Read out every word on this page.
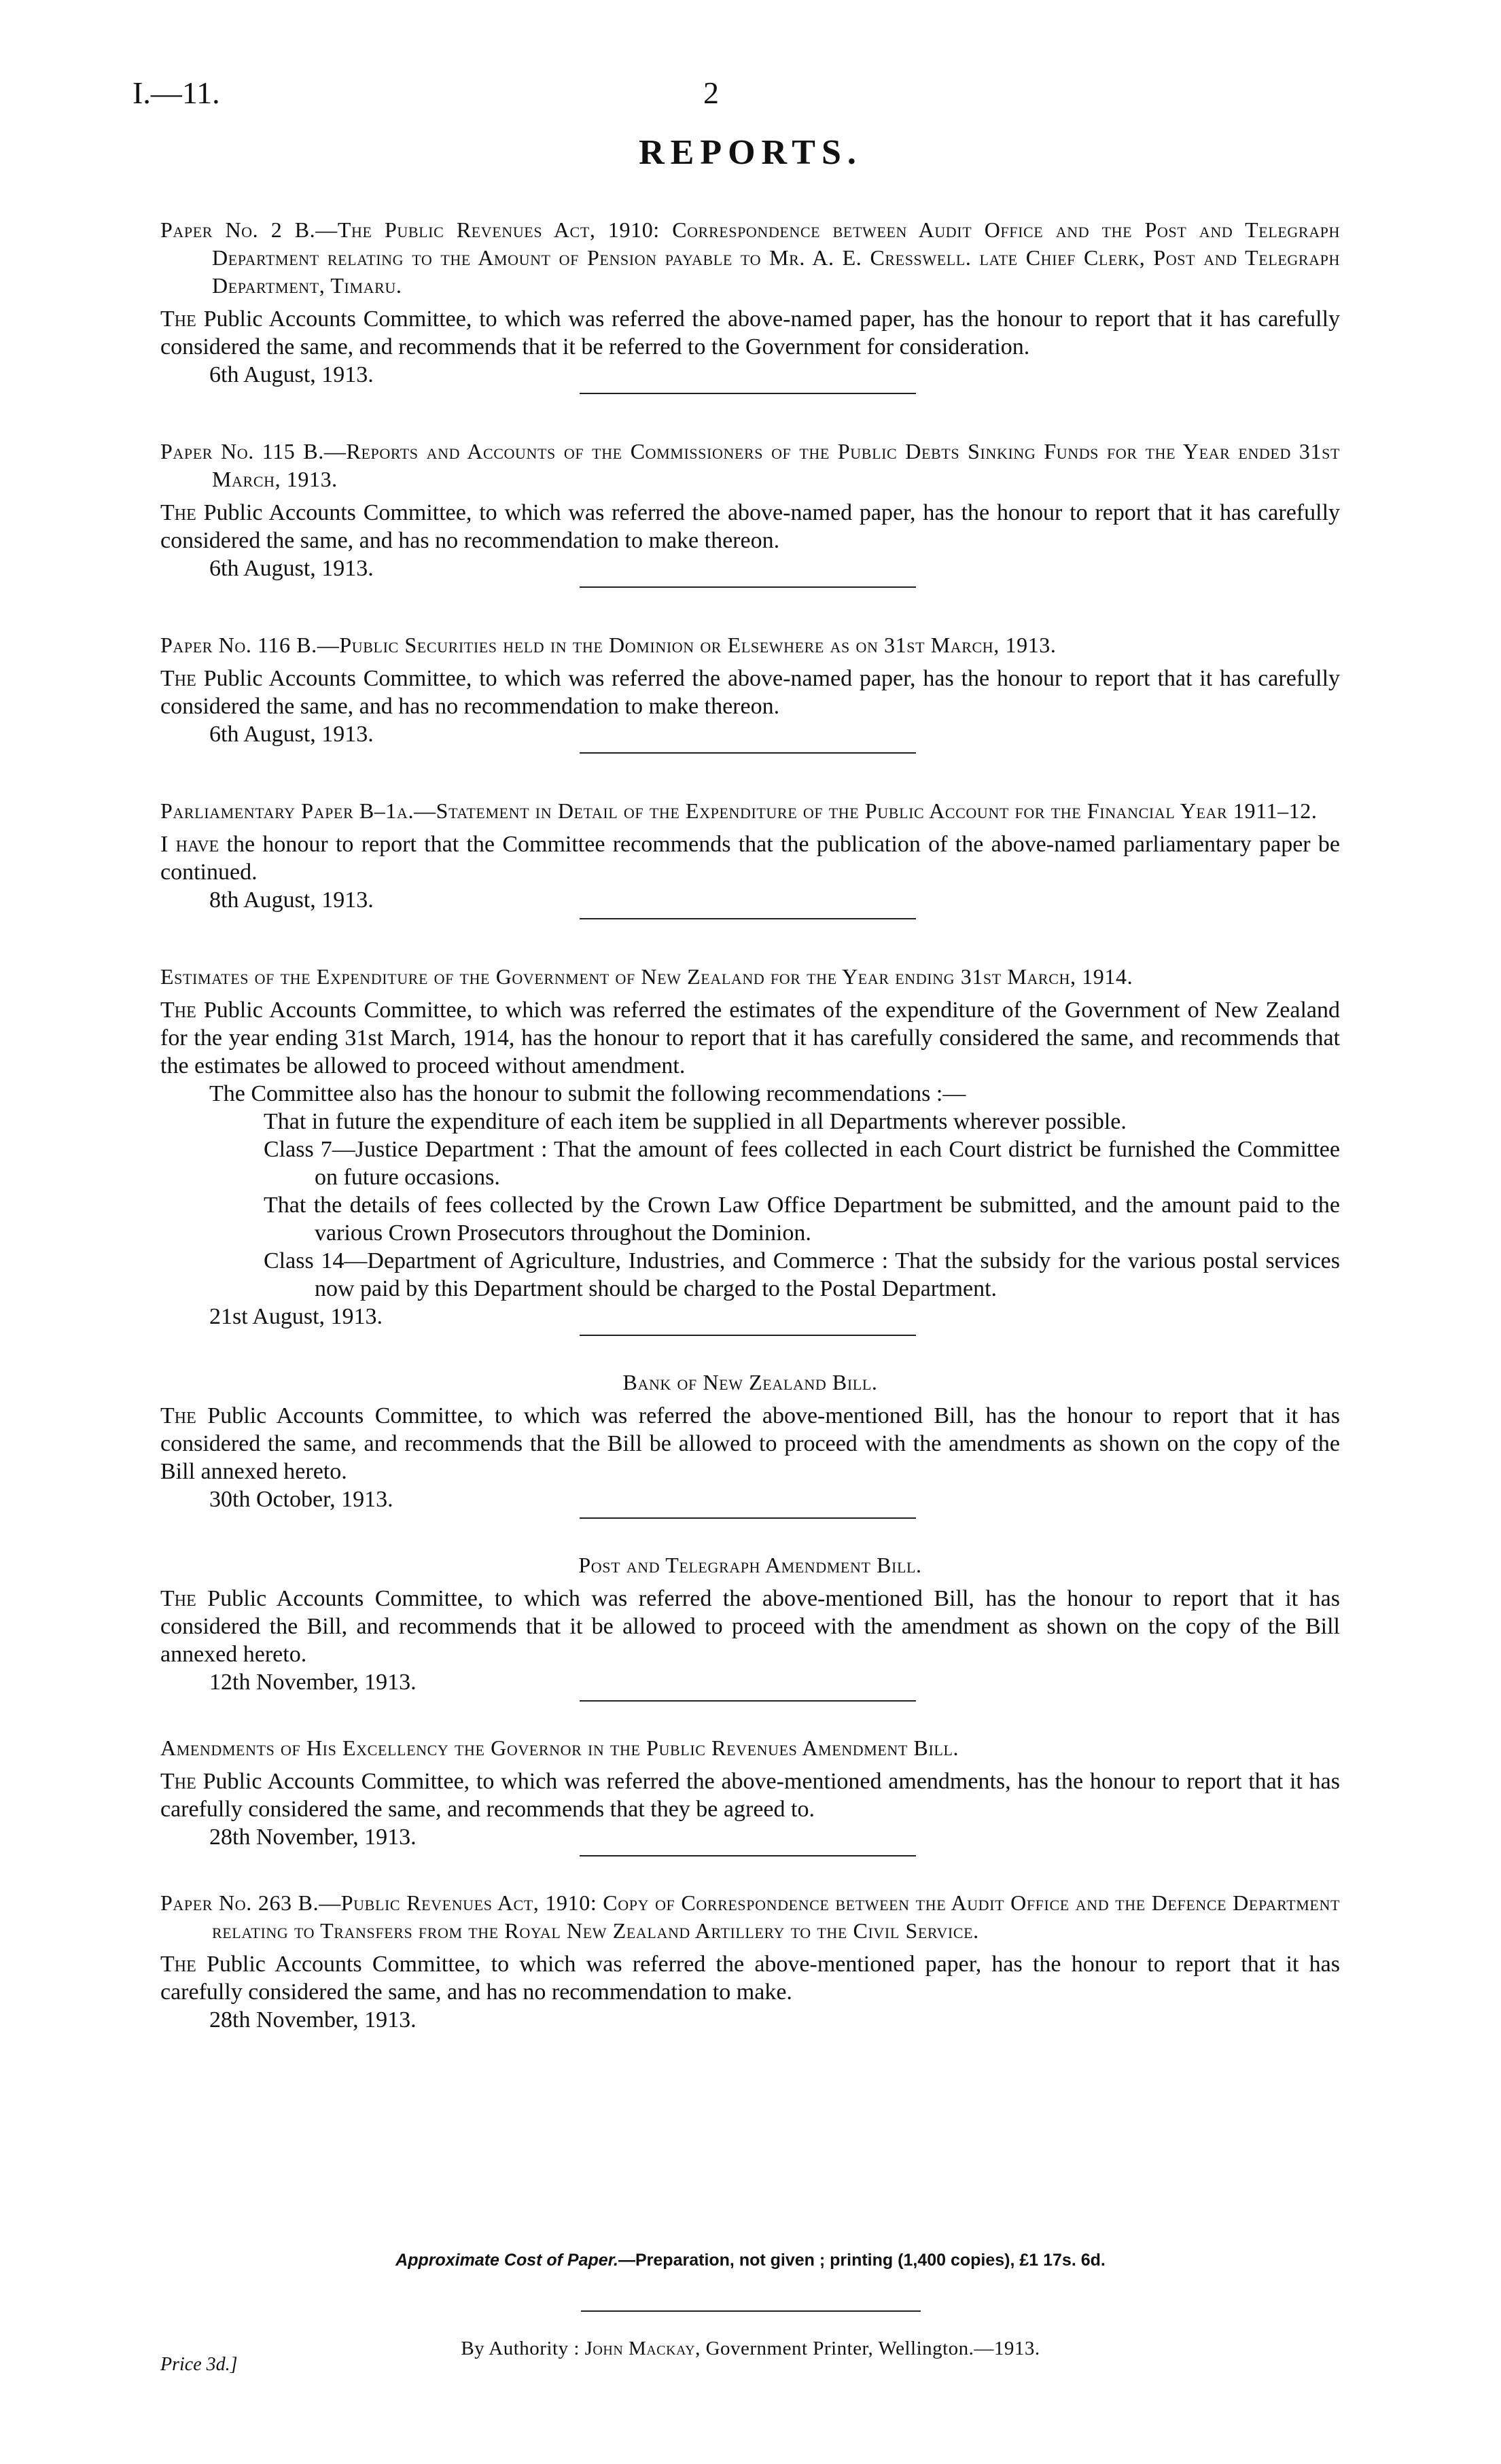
I.—11.	2
REPORTS.
Paper No. 2 B.—The Public Revenues Act, 1910: Correspondence between Audit Office and the Post and Telegraph Department relating to the Amount of Pension payable to Mr. A. E. Cresswell. late Chief Clerk, Post and Telegraph Department, Timaru.
The Public Accounts Committee, to which was referred the above-named paper, has the honour to report that it has carefully considered the same, and recommends that it be referred to the Government for consideration.
6th August, 1913.
Paper No. 115 B.—Reports and Accounts of the Commissioners of the Public Debts Sinking Funds for the Year ended 31st March, 1913.
The Public Accounts Committee, to which was referred the above-named paper, has the honour to report that it has carefully considered the same, and has no recommendation to make thereon.
6th August, 1913.
Paper No. 116 B.—Public Securities held in the Dominion or Elsewhere as on 31st March, 1913.
The Public Accounts Committee, to which was referred the above-named paper, has the honour to report that it has carefully considered the same, and has no recommendation to make thereon.
6th August, 1913.
Parliamentary Paper B–1a.—Statement in Detail of the Expenditure of the Public Account for the Financial Year 1911–12.
I have the honour to report that the Committee recommends that the publication of the above-named parliamentary paper be continued.
8th August, 1913.
Estimates of the Expenditure of the Government of New Zealand for the Year ending 31st March, 1914.
The Public Accounts Committee, to which was referred the estimates of the expenditure of the Government of New Zealand for the year ending 31st March, 1914, has the honour to report that it has carefully considered the same, and recommends that the estimates be allowed to proceed without amendment.
The Committee also has the honour to submit the following recommendations :—
That in future the expenditure of each item be supplied in all Departments wherever possible.
Class 7—Justice Department : That the amount of fees collected in each Court district be furnished the Committee on future occasions.
That the details of fees collected by the Crown Law Office Department be submitted, and the amount paid to the various Crown Prosecutors throughout the Dominion.
Class 14—Department of Agriculture, Industries, and Commerce : That the subsidy for the various postal services now paid by this Department should be charged to the Postal Department.
21st August, 1913.
Bank of New Zealand Bill.
The Public Accounts Committee, to which was referred the above-mentioned Bill, has the honour to report that it has considered the same, and recommends that the Bill be allowed to proceed with the amendments as shown on the copy of the Bill annexed hereto.
30th October, 1913.
Post and Telegraph Amendment Bill.
The Public Accounts Committee, to which was referred the above-mentioned Bill, has the honour to report that it has considered the Bill, and recommends that it be allowed to proceed with the amendment as shown on the copy of the Bill annexed hereto.
12th November, 1913.
Amendments of His Excellency the Governor in the Public Revenues Amendment Bill.
The Public Accounts Committee, to which was referred the above-mentioned amendments, has the honour to report that it has carefully considered the same, and recommends that they be agreed to.
28th November, 1913.
Paper No. 263 B.—Public Revenues Act, 1910: Copy of Correspondence between the Audit Office and the Defence Department relating to Transfers from the Royal New Zealand Artillery to the Civil Service.
The Public Accounts Committee, to which was referred the above-mentioned paper, has the honour to report that it has carefully considered the same, and has no recommendation to make.
28th November, 1913.
Approximate Cost of Paper.—Preparation, not given ; printing (1,400 copies), £1 17s. 6d.
By Authority : John Mackay, Government Printer, Wellington.—1913.
Price 3d.]
